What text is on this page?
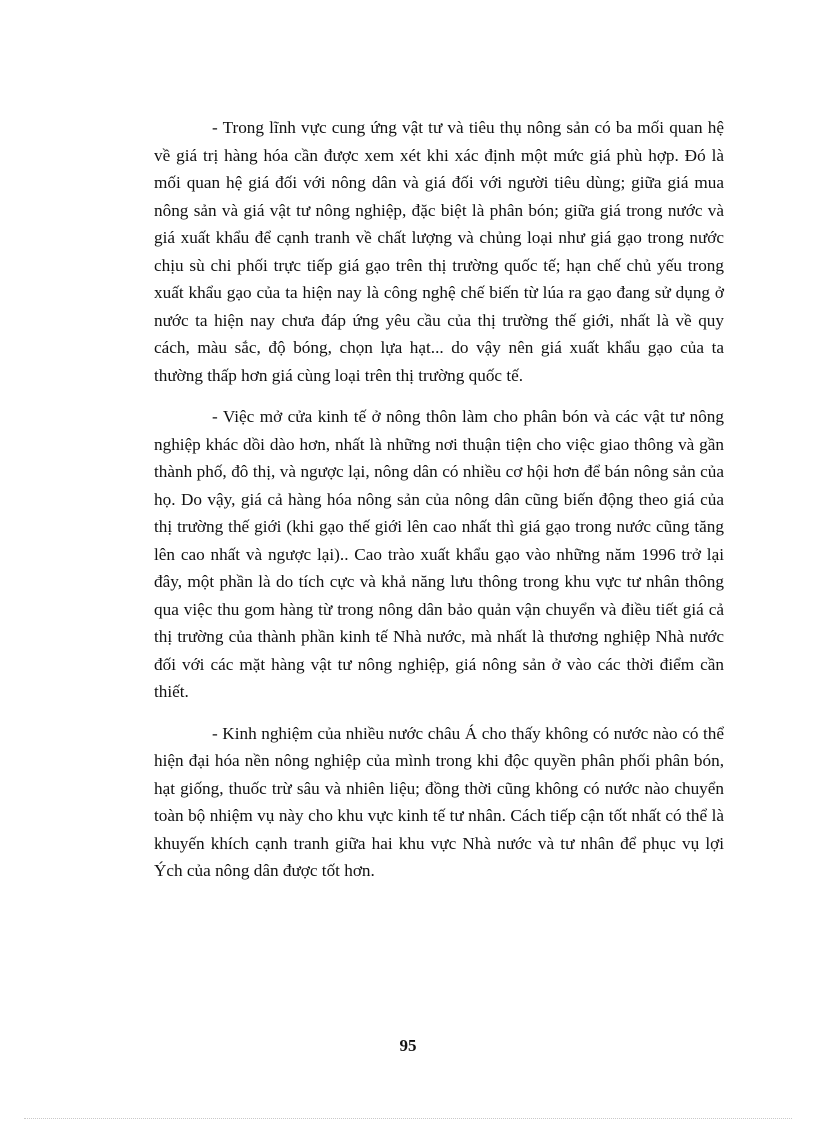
- Trong lĩnh vực cung ứng vật tư và tiêu thụ nông sản có ba mối quan hệ về giá trị hàng hóa cần được xem xét khi xác định một mức giá phù hợp. Đó là mối quan hệ giá đối với nông dân và giá đối với người tiêu dùng; giữa giá mua nông sản và giá vật tư nông nghiệp, đặc biệt là phân bón; giữa giá trong nước và giá xuất khẩu để cạnh tranh về chất lượng và chủng loại như giá gạo trong nước chịu sù chi phối trực tiếp giá gạo trên thị trường quốc tế; hạn chế chủ yếu trong xuất khẩu gạo của ta hiện nay là công nghệ chế biến từ lúa ra gạo đang sử dụng ở nước ta hiện nay chưa đáp ứng yêu cầu của thị trường thế giới, nhất là về quy cách, màu sắc, độ bóng, chọn lựa hạt... do vậy nên giá xuất khẩu gạo của ta thường thấp hơn giá cùng loại trên thị trường quốc tế.

- Việc mở cửa kinh tế ở nông thôn làm cho phân bón và các vật tư nông nghiệp khác dồi dào hơn, nhất là những nơi thuận tiện cho việc giao thông và gần thành phố, đô thị, và ngược lại, nông dân có nhiều cơ hội hơn để bán nông sản của họ. Do vậy, giá cả hàng hóa nông sản của nông dân cũng biến động theo giá của thị trường thế giới (khi gạo thế giới lên cao nhất thì giá gạo trong nước cũng tăng lên cao nhất và ngược lại).. Cao trào xuất khẩu gạo vào những năm 1996 trở lại đây, một phần là do tích cực và khả năng lưu thông trong khu vực tư nhân thông qua việc thu gom hàng từ trong nông dân bảo quản vận chuyển và điều tiết giá cả thị trường của thành phần kinh tế Nhà nước, mà nhất là thương nghiệp Nhà nước đối với các mặt hàng vật tư nông nghiệp, giá nông sản ở vào các thời điểm cần thiết.

- Kinh nghiệm của nhiều nước châu Á cho thấy không có nước nào có thể hiện đại hóa nền nông nghiệp của mình trong khi độc quyền phân phối phân bón, hạt giống, thuốc trừ sâu và nhiên liệu; đồng thời cũng không có nước nào chuyển toàn bộ nhiệm vụ này cho khu vực kinh tế tư nhân. Cách tiếp cận tốt nhất có thể là khuyến khích cạnh tranh giữa hai khu vực Nhà nước và tư nhân để phục vụ lợi Ých của nông dân được tốt hơn.

95
